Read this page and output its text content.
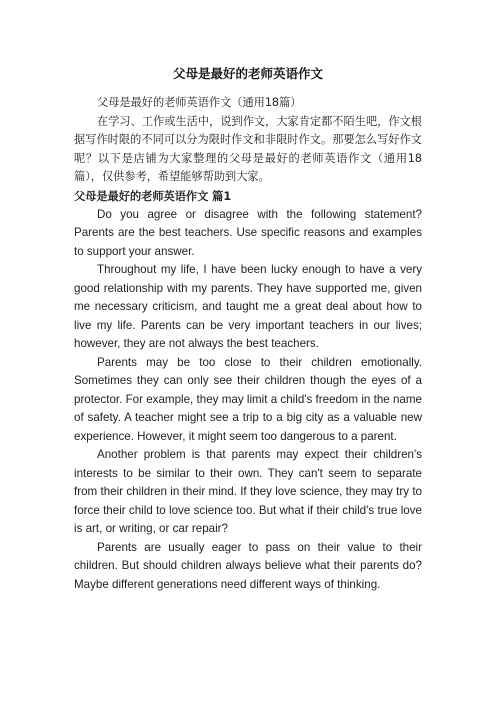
父母是最好的老师英语作文

父母是最好的老师英语作文（通用18篇）

在学习、工作或生活中，说到作文，大家肯定都不陌生吧，作文根据写作时限的不同可以分为限时作文和非限时作文。那要怎么写好作文呢？以下是店铺为大家整理的父母是最好的老师英语作文（通用18篇），仅供参考，希望能够帮助到大家。

父母是最好的老师英语作文 篇1

Do you agree or disagree with the following statement? Parents are the best teachers. Use specific reasons and examples to support your answer.

Throughout my life, I have been lucky enough to have a very good relationship with my parents. They have supported me, given me necessary criticism, and taught me a great deal about how to live my life. Parents can be very important teachers in our lives; however, they are not always the best teachers.

Parents may be too close to their children emotionally. Sometimes they can only see their children though the eyes of a protector. For example, they may limit a child's freedom in the name of safety. A teacher might see a trip to a big city as a valuable new experience. However, it might seem too dangerous to a parent.

Another problem is that parents may expect their children's interests to be similar to their own. They can't seem to separate from their children in their mind. If they love science, they may try to force their child to love science too. But what if their child's true love is art, or writing, or car repair?

Parents are usually eager to pass on their value to their children. But should children always believe what their parents do? Maybe different generations need different ways of thinking.
